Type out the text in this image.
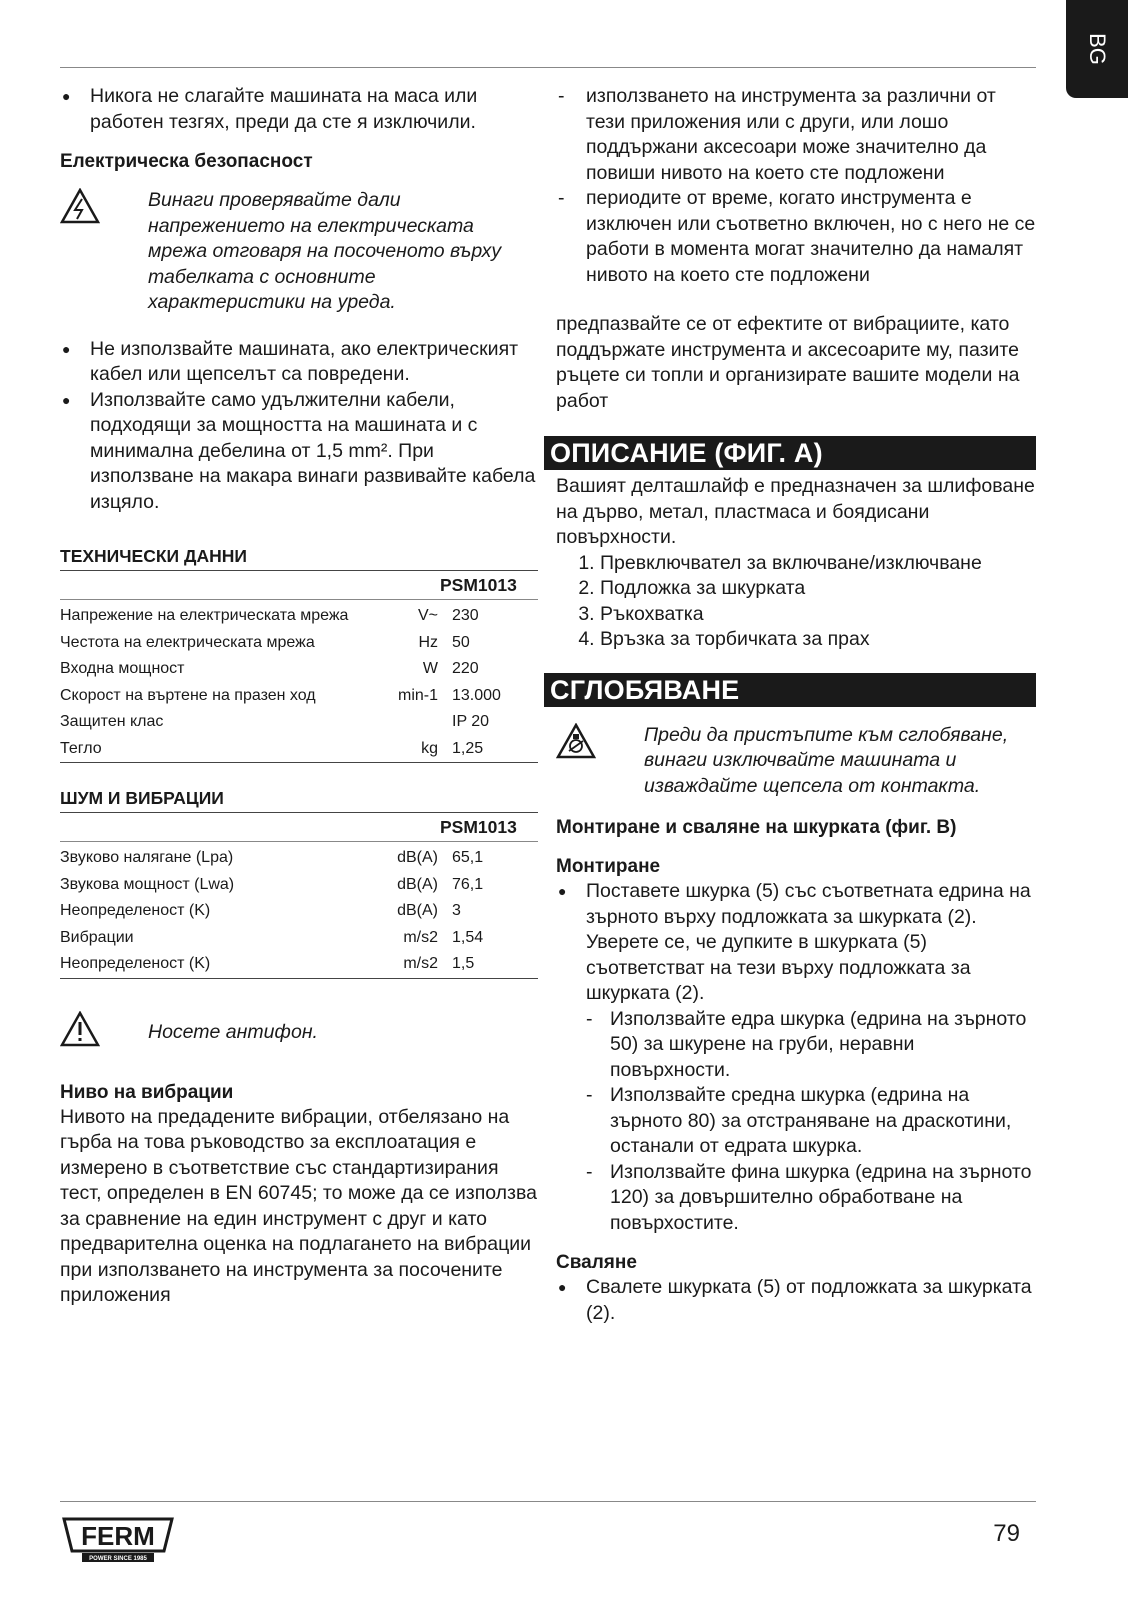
BG
● Никога не слагайте машината на маса или работен тезгях, преди да сте я изключили.
Електрическа безопасност
Винаги проверявайте дали напрежението на електрическата мрежа отговаря на посоченото върху табелката с основните характеристики на уреда.
● Не използвайте машината, ако електрическият кабел или щепселът са повредени.
● Използвайте само удължителни кабели, подходящи за мощността на машината и с минимална дебелина от 1,5 mm². При използване на макара винаги развивайте кабела изцяло.
ТЕХНИЧЕСКИ ДАННИ
PSM1013
Напрежение на електрическата мрежа	V~	230
Честота на електрическата мрежа	Hz	50
Входна мощност	W	220
Скорост на въртене на празен ход	min-1	13.000
Защитен клас		IP 20
Тегло	kg	1,25
ШУМ И ВИБРАЦИИ
PSM1013
Звуково налягане (Lpa)	dB(A)	65,1
Звукова мощност (Lwa)	dB(A)	76,1
Неопределеност (K)	dB(A)	3
Вибрации	m/s2	1,54
Неопределеност (K)	m/s2	1,5
Носете антифон.
Ниво на вибрации
Нивото на предадените вибрации, отбелязано на гърба на това ръководство за експлоатация е измерено в съответствие със стандартизирания тест, определен в EN 60745; то може да се използва за сравнение на един инструмент с друг и като предварителна оценка на подлагането на вибрации при използването на инструмента за посочените приложения
- използването на инструмента за различни от тези приложения или с други, или лошо поддържани аксесоари може значително да повиши нивото на което сте подложени
- периодите от време, когато инструмента е изключен или съответно включен, но с него не се работи в момента могат значително да намалят нивото на което сте подложени
предпазвайте се от ефектите от вибрациите, като поддържате инструмента и аксесоарите му, пазите ръцете си топли и организирате вашите модели на работ
ОПИСАНИЕ (ФИГ. A)
Вашият делташлайф е предназначен за шлифоване на дърво, метал, пластмаса и боядисани повърхности.
1. Превключвател за включване/изключване
2. Подложка за шкурката
3. Ръкохватка
4. Връзка за торбичката за прах
СГЛОБЯВАНЕ
Преди да пристъпите към сглобяване, винаги изключвайте машината и изваждайте щепсела от контакта.
Монтиране и сваляне на шкурката (фиг. B)
Монтиране
● Поставете шкурка (5) със съответната едрина на зърното върху подложката за шкурката (2). Уверете се, че дупките в шкурката (5) съответстват на тези върху подложката за шкурката (2).
- Използвайте едра шкурка (едрина на зърното 50) за шкурене на груби, неравни повърхности.
- Използвайте средна шкурка (едрина на зърното 80) за отстраняване на драскотини, останали от едрата шкурка.
- Използвайте фина шкурка (едрина на зърното 120) за довършително обработване на повърхостите.
Сваляне
● Свалете шкурката (5) от подложката за шкурката (2).
FERM
POWER SINCE 1985
79
